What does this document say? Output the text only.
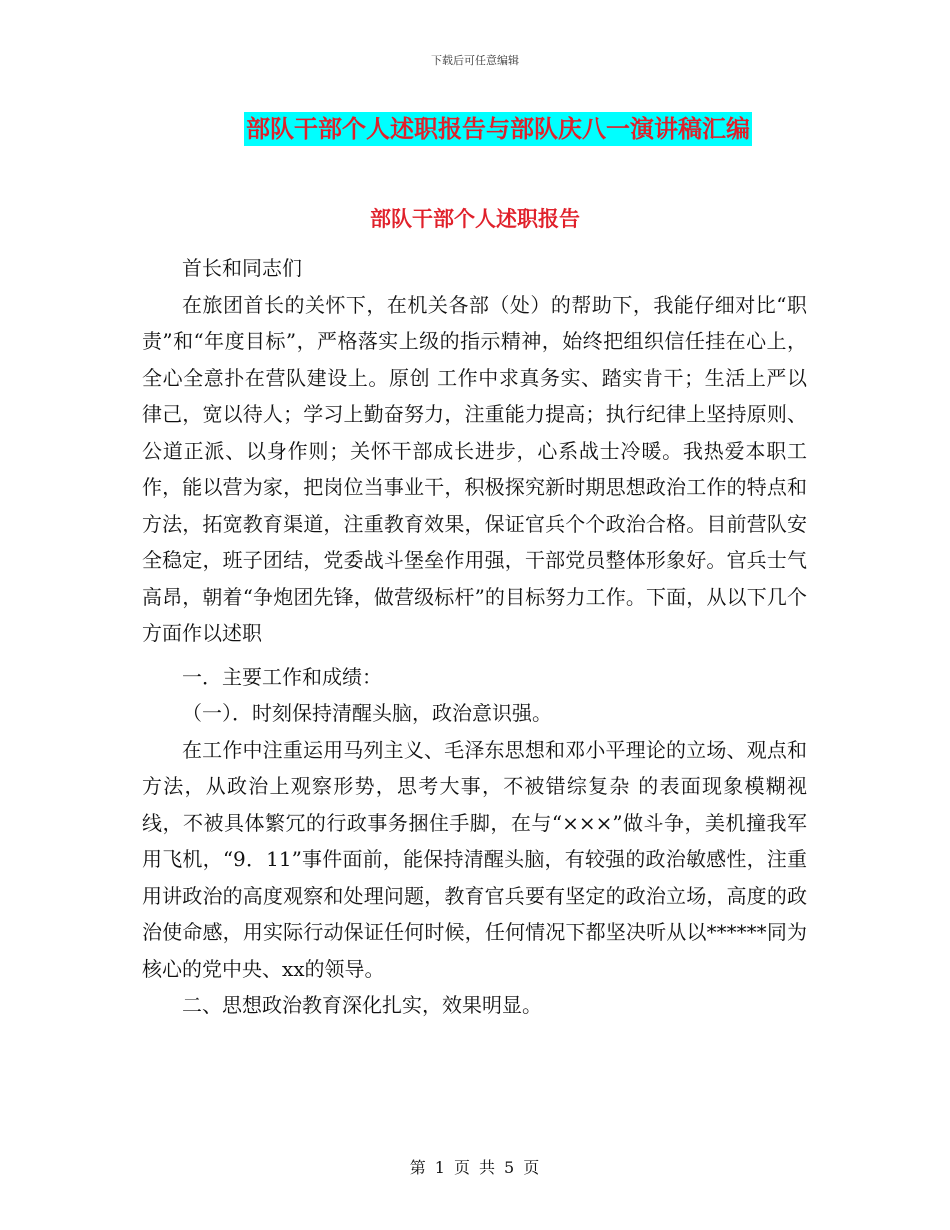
下载后可任意编辑
部队干部个人述职报告与部队庆八一演讲稿汇编
部队干部个人述职报告

首长和同志们

在旅团首长的关怀下，在机关各部（处）的帮助下，我能仔细对比“职责”和“年度目标”，严格落实上级的指示精神，始终把组织信任挂在心上，全心全意扑在营队建设上。原创 工作中求真务实、踏实肯干；生活上严以律己，宽以待人；学习上勤奋努力，注重能力提高；执行纪律上坚持原则、公道正派、以身作则；关怀干部成长进步，心系战士冷暖。我热爱本职工作，能以营为家，把岗位当事业干，积极探究新时期思想政治工作的特点和方法，拓宽教育渠道，注重教育效果，保证官兵个个政治合格。目前营队安全稳定，班子团结，党委战斗堡垒作用强，干部党员整体形象好。官兵士气高昂，朝着“争炮团先锋，做营级标杆”的目标努力工作。下面，从以下几个方面作以述职

一．主要工作和成绩：

（一）．时刻保持清醒头脑，政治意识强。

在工作中注重运用马列主义、毛泽东思想和邓小平理论的立场、观点和方法，从政治上观察形势，思考大事，不被错综复杂 的表面现象模糊视线，不被具体繁冗的行政事务捆住手脚，在与“×××”做斗争，美机撞我军用飞机，“9．11”事件面前，能保持清醒头脑，有较强的政治敏感性，注重用讲政治的高度观察和处理问题，教育官兵要有坚定的政治立场，高度的政治使命感，用实际行动保证任何时候，任何情况下都坚决听从以******同为核心的党中央、xx的领导。

二、思想政治教育深化扎实，效果明显。

第 1 页 共 5 页
